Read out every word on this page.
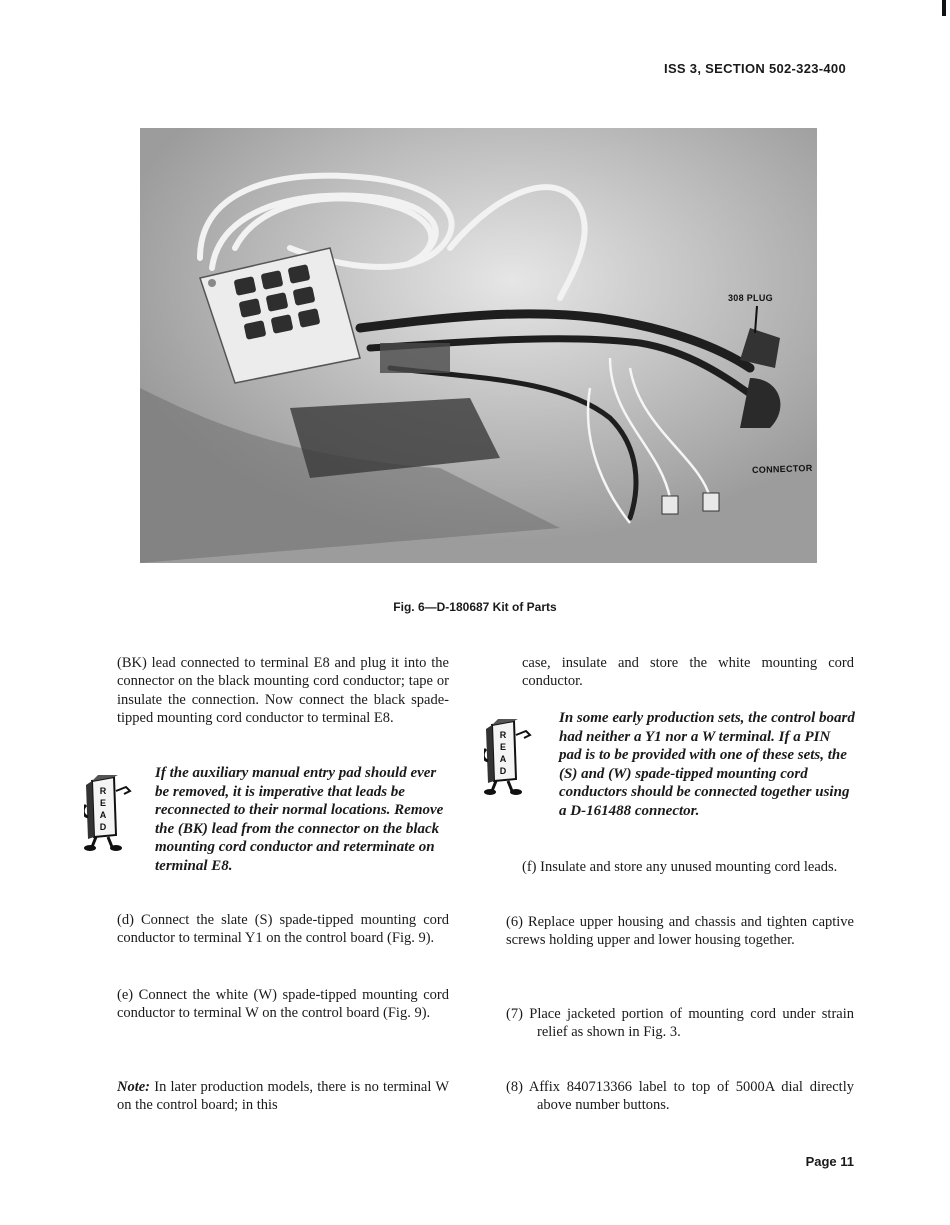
ISS 3, SECTION 502-323-400
308 PLUG
CONNECTOR
Fig. 6—D-180687 Kit of Parts

(BK) lead connected to terminal E8 and plug it into the connector on the black mounting cord conductor; tape or insulate the connection. Now connect the black spade-tipped mounting cord conductor to terminal E8.

R
E
A
D
If the auxiliary manual entry pad should ever be removed, it is imperative that leads be reconnected to their normal locations. Remove the (BK) lead from the connector on the black mounting cord conductor and reterminate on terminal E8.

(d) Connect the slate (S) spade-tipped mounting cord conductor to terminal Y1 on the control board (Fig. 9).

(e) Connect the white (W) spade-tipped mounting cord conductor to terminal W on the control board (Fig. 9).

Note: In later production models, there is no terminal W on the control board; in this

case, insulate and store the white mounting cord conductor.

R
E
A
D
In some early production sets, the control board had neither a Y1 nor a W terminal. If a PIN pad is to be provided with one of these sets, the (S) and (W) spade-tipped mounting cord conductors should be connected together using a D-161488 connector.

(f) Insulate and store any unused mounting cord leads.

(6) Replace upper housing and chassis and tighten captive screws holding upper and lower housing together.

(7) Place jacketed portion of mounting cord under strain relief as shown in Fig. 3.

(8) Affix 840713366 label to top of 5000A dial directly above number buttons.

Page 11
